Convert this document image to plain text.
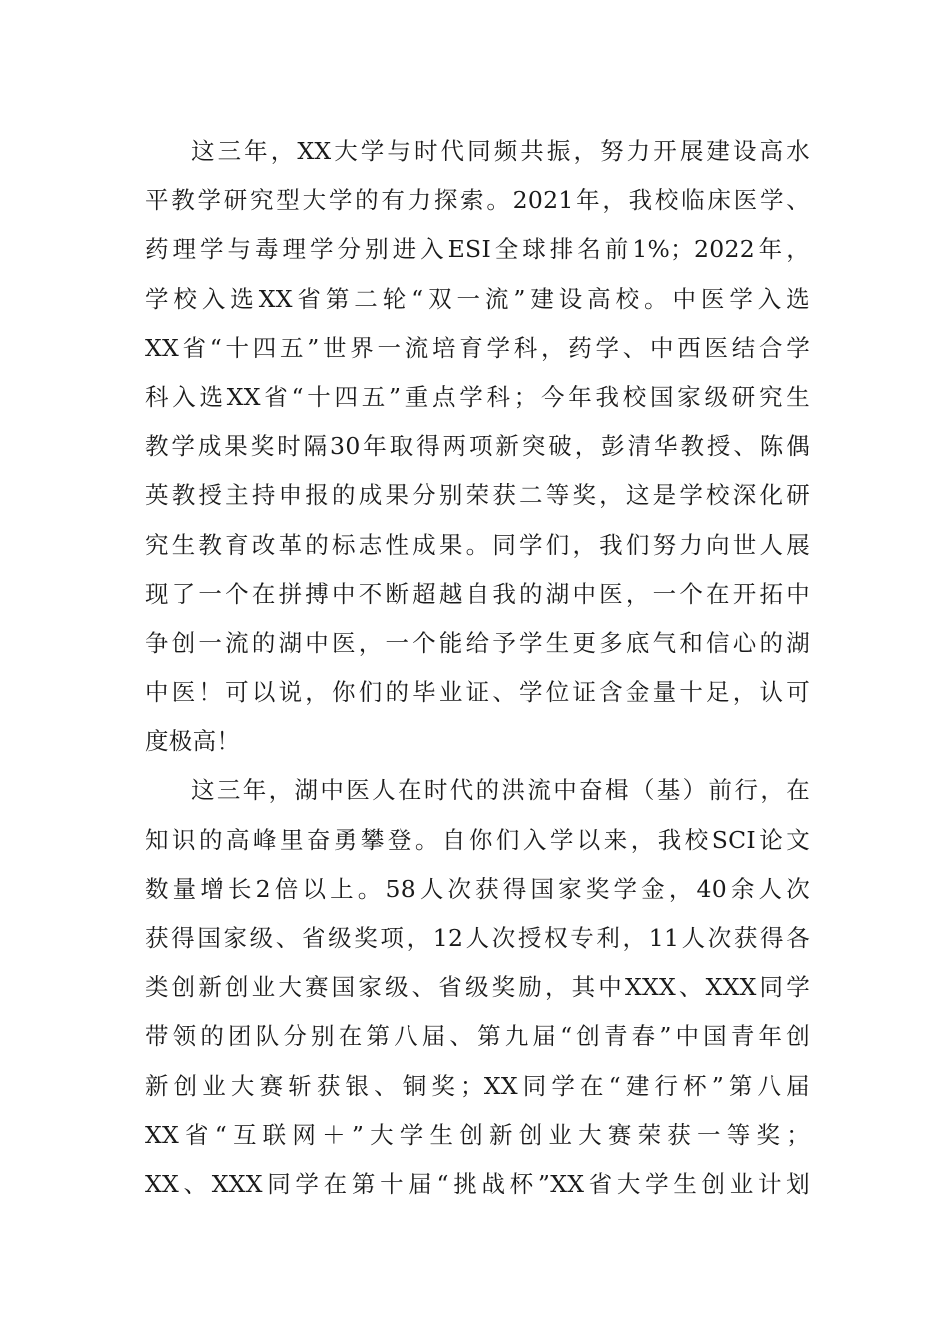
这三年，XX大学与时代同频共振，努力开展建设高水
平教学研究型大学的有力探索。2021年，我校临床医学、
药理学与毒理学分别进入ESI全球排名前1%；2022年，
学校入选XX省第二轮“双一流”建设高校。中医学入选
XX省“十四五”世界一流培育学科，药学、中西医结合学
科入选XX省“十四五”重点学科；今年我校国家级研究生
教学成果奖时隔30年取得两项新突破，彭清华教授、陈偶
英教授主持申报的成果分别荣获二等奖，这是学校深化研
究生教育改革的标志性成果。同学们，我们努力向世人展
现了一个在拼搏中不断超越自我的湖中医，一个在开拓中
争创一流的湖中医，一个能给予学生更多底气和信心的湖
中医！可以说，你们的毕业证、学位证含金量十足，认可
度极高！
这三年，湖中医人在时代的洪流中奋楫（基）前行，在
知识的高峰里奋勇攀登。自你们入学以来，我校SCI论文
数量增长2倍以上。58人次获得国家奖学金，40余人次
获得国家级、省级奖项，12人次授权专利，11人次获得各
类创新创业大赛国家级、省级奖励，其中XXX、XXX同学
带领的团队分别在第八届、第九届“创青春”中国青年创
新创业大赛斩获银、铜奖；XX同学在“建行杯”第八届
XX省“互联网＋”大学生创新创业大赛荣获一等奖；
XX、XXX同学在第十届“挑战杯”XX省大学生创业计划
